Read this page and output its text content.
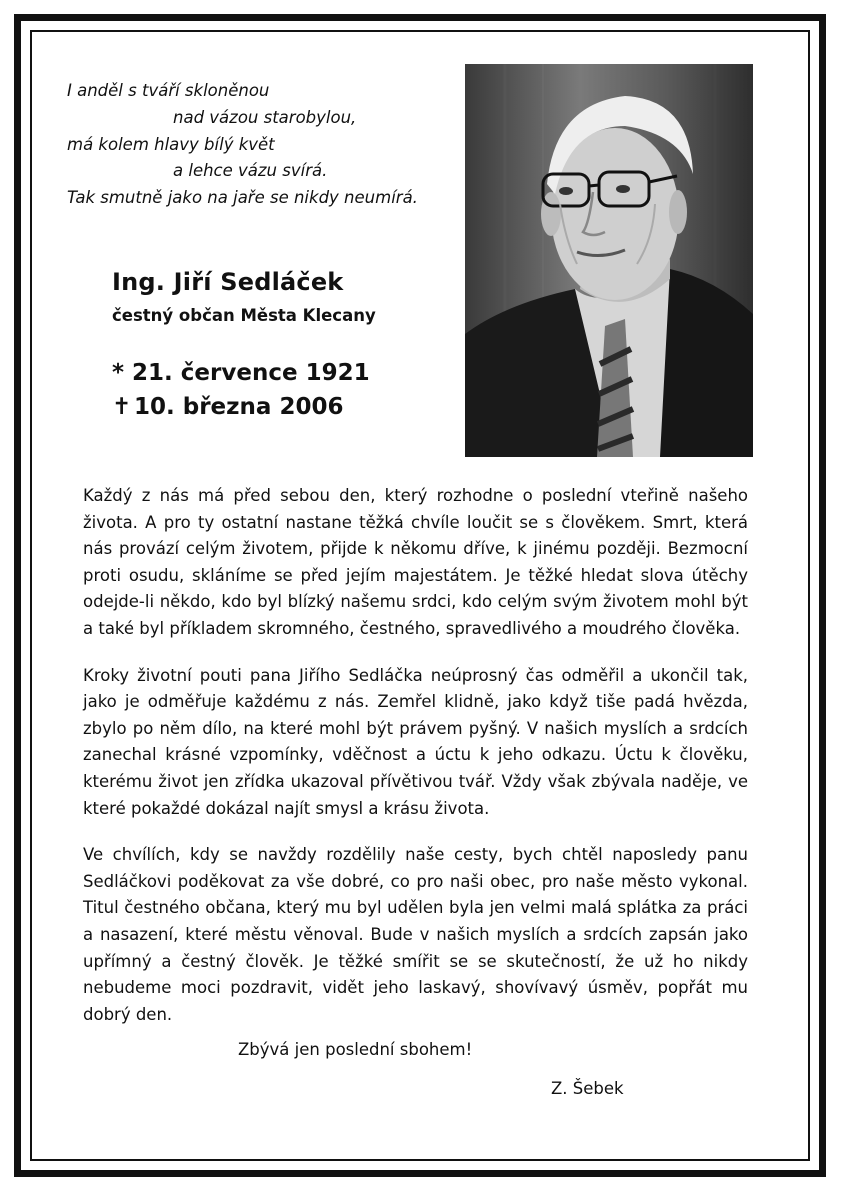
I anděl s tváří skloněnou
nad vázou starobylou,
má kolem hlavy bílý květ
a lehce vázu svírá.
Tak smutně jako na jaře se nikdy neumírá.
Ing. Jiří Sedláček
čestný občan Města Klecany
* 21. července 1921
✝ 10. března 2006

Každý z nás má před sebou den, který rozhodne o poslední vteřině našeho života. A pro ty ostatní nastane těžká chvíle loučit se s člověkem. Smrt, která nás provází celým životem, přijde k někomu dříve, k jinému později. Bezmocní proti osudu, skláníme se před jejím majestátem. Je těžké hledat slova útěchy odejde-li někdo, kdo byl blízký našemu srdci, kdo celým svým životem mohl být a také byl příkladem skromného, čestného, spravedlivého a moudrého člověka.

Kroky životní pouti pana Jiřího Sedláčka neúprosný čas odměřil a ukončil tak, jako je odměřuje každému z nás. Zemřel klidně, jako když tiše padá hvězda, zbylo po něm dílo, na které mohl být právem pyšný. V našich myslích a srdcích zanechal krásné vzpomínky, vděčnost a úctu k jeho odkazu. Úctu k člověku, kterému život jen zřídka ukazoval přívětivou tvář. Vždy však zbývala naděje, ve které pokaždé dokázal najít smysl a krásu života.

Ve chvílích, kdy se navždy rozdělily naše cesty, bych chtěl naposledy panu Sedláčkovi poděkovat za vše dobré, co pro naši obec, pro naše město vykonal. Titul čestného občana, který mu byl udělen byla jen velmi malá splátka za práci a nasazení, které městu věnoval. Bude v našich myslích a srdcích zapsán jako upřímný a čestný člověk. Je těžké smířit se se skutečností, že už ho nikdy nebudeme moci pozdravit, vidět jeho laskavý, shovívavý úsměv, popřát mu dobrý den.

Zbývá jen poslední sbohem!
Z. Šebek
